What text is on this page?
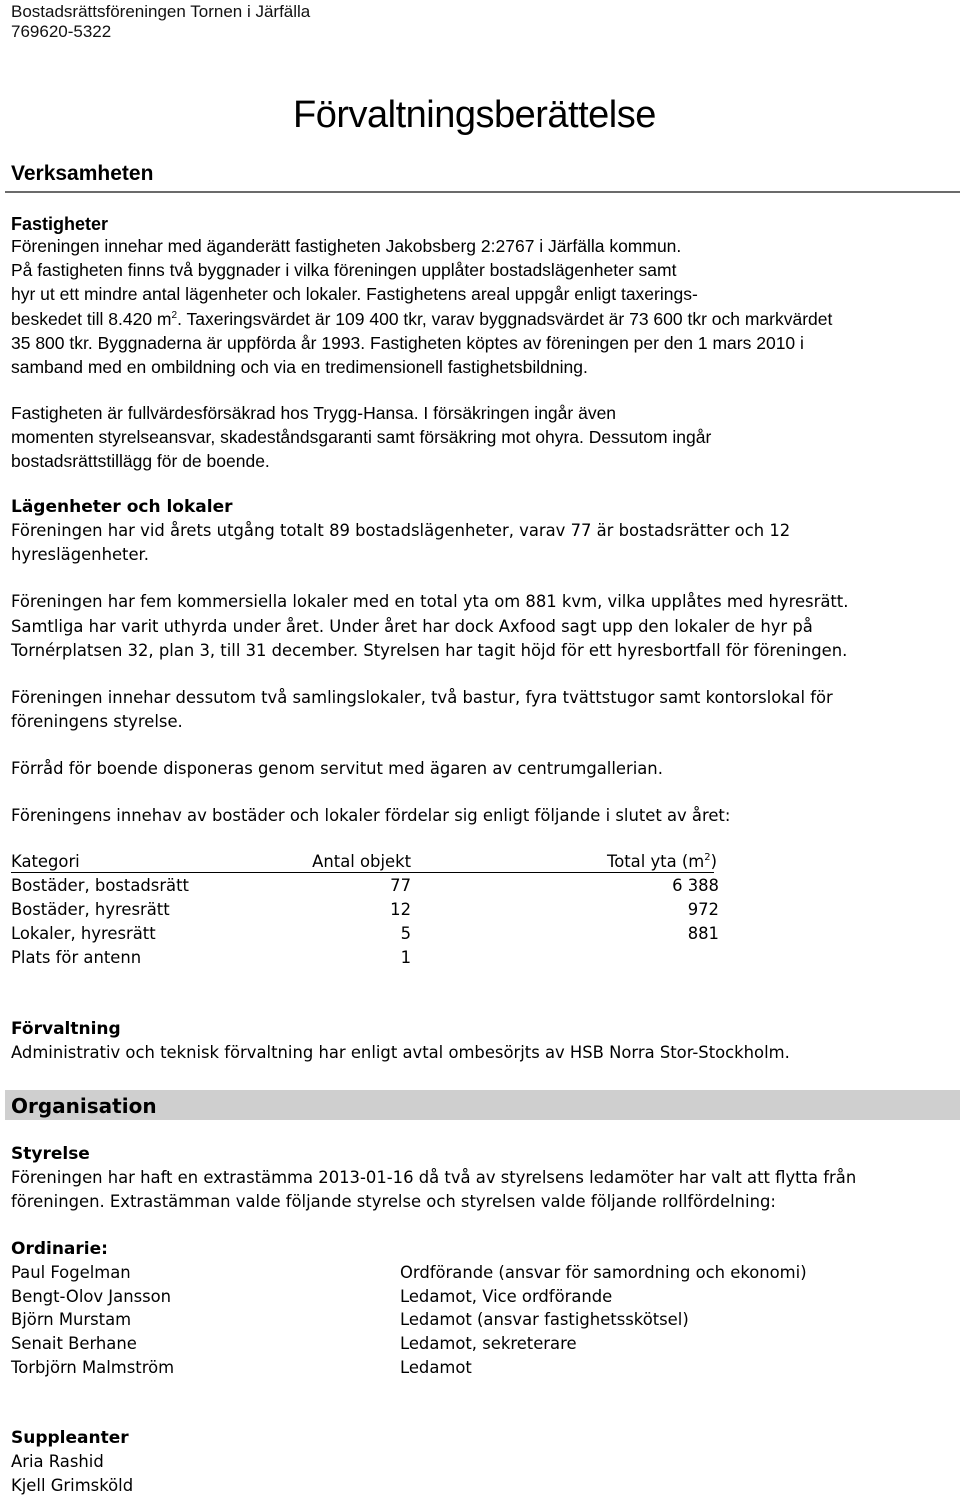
Bostadsrättsföreningen Tornen i Järfälla
769620-5322
Förvaltningsberättelse
Verksamheten
Fastigheter
Föreningen innehar med äganderätt fastigheten Jakobsberg 2:2767 i Järfälla kommun.
På fastigheten finns två byggnader i vilka föreningen upplåter bostadslägenheter samt
hyr ut ett mindre antal lägenheter och lokaler. Fastighetens areal uppgår enligt taxerings-
beskedet till 8.420 $m^2$. Taxeringsvärdet är 109 400 tkr, varav byggnadsvärdet är 73 600 tkr och markvärdet
35 800 tkr. Byggnaderna är uppförda år 1993. Fastigheten köptes av föreningen per den 1 mars 2010 i
samband med en ombildning och via en tredimensionell fastighetsbildning.
Fastigheten är fullvärdesförsäkrad hos Trygg-Hansa. I försäkringen ingår även
momenten styrelseansvar, skadeståndsgaranti samt försäkring mot ohyra. Dessutom ingår
bostadsrättstillägg för de boende.
Lägenheter och lokaler
Föreningen har vid årets utgång totalt 89 bostadslägenheter, varav 77 är bostadsrätter och 12
hyreslägenheter.
Föreningen har fem kommersiella lokaler med en total yta om 881 kvm, vilka upplåtes med hyresrätt.
Samtliga har varit uthyrda under året. Under året har dock Axfood sagt upp den lokaler de hyr på
Tornérplatsen 32, plan 3, till 31 december. Styrelsen har tagit höjd för ett hyresbortfall för föreningen.
Föreningen innehar dessutom två samlingslokaler, två bastur, fyra tvättstugor samt kontorslokal för
föreningens styrelse.
Förråd för boende disponeras genom servitut med ägaren av centrumgallerian.
Föreningens innehav av bostäder och lokaler fördelar sig enligt följande i slutet av året:
Kategori	Antal objekt	Total yta $(m^2)$
Bostäder, bostadsrätt	77	6 388
Bostäder, hyresrätt	12	972
Lokaler, hyresrätt	5	881
Plats för antenn	1
Förvaltning
Administrativ och teknisk förvaltning har enligt avtal ombesörjts av HSB Norra Stor-Stockholm.
Organisation
Styrelse
Föreningen har haft en extrastämma 2013-01-16 då två av styrelsens ledamöter har valt att flytta från
föreningen. Extrastämman valde följande styrelse och styrelsen valde följande rollfördelning:
Ordinarie:
Paul Fogelman	Ordförande (ansvar för samordning och ekonomi)
Bengt-Olov Jansson	Ledamot, Vice ordförande
Björn Murstam	Ledamot (ansvar fastighetsskötsel)
Senait Berhane	Ledamot, sekreterare
Torbjörn Malmström	Ledamot
Suppleanter
Aria Rashid
Kjell Grimsköld
